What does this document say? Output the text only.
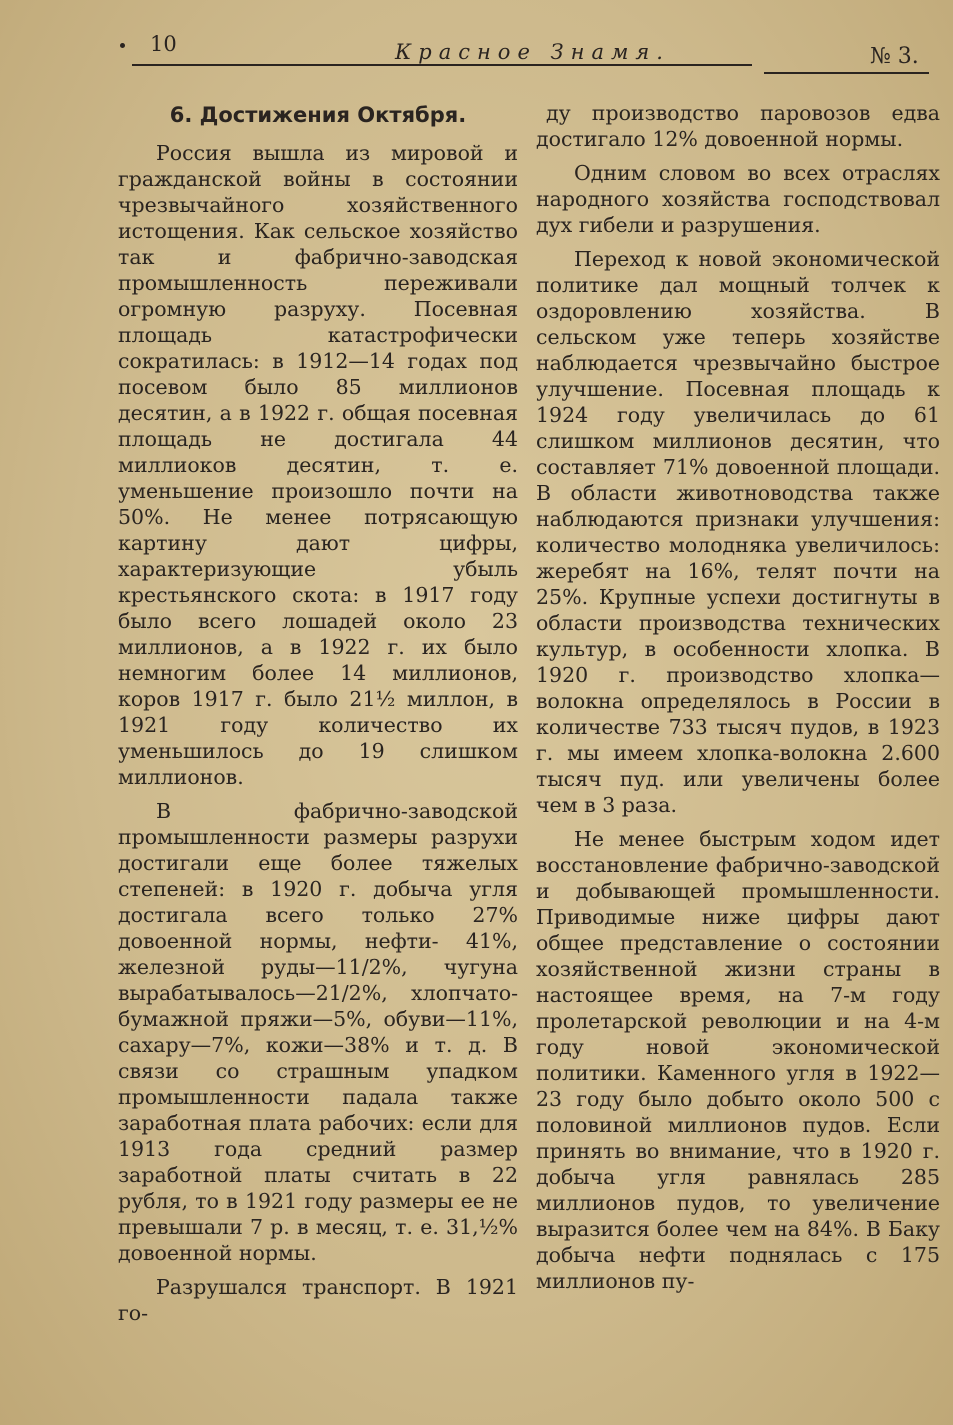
10	Красное Знамя.	№ 3.
6. Достижения Октября.

Россия вышла из мировой и гражданской войны в состоянии чрезвычайного хозяйственного истощения. Как сельское хозяйство так и фабрично-заводская промышленность переживали огромную разруху. Посевная площадь катастрофически сократилась: в 1912—14 годах под посевом было 85 миллионов десятин, а в 1922 г. общая посевная площадь не достигала 44 миллиоков десятин, т. е. уменьшение произошло почти на 50%. Не менее потрясающую картину дают цифры, характеризующие убыль крестьянского скота: в 1917 году было всего лошадей около 23 миллионов, а в 1922 г. их было немногим более 14 миллионов, коров 1917 г. было 21½ миллон, в 1921 году количество их уменьшилось до 19 слишком миллионов.

В фабрично-заводской промышленности размеры разрухи достигали еще более тяжелых степеней: в 1920 г. добыча угля достигала всего только 27% довоенной нормы, нефти- 41%, железной руды—11/2%, чугуна вырабатывалось—21/2%, хлопчато-бумажной пряжи—5%, обуви—11%, сахару—7%, кожи—38% и т. д. В связи со страшным упадком промышленности падала также заработная плата рабочих: если для 1913 года средний размер заработной платы считать в 22 рубля, то в 1921 году размеры ее не превышали 7 р. в месяц, т. е. 31,½% довоенной нормы.

Разрушался транспорт. В 1921 го-

ду производство паровозов едва достигало 12% довоенной нормы.

Одним словом во всех отраслях народного хозяйства господствовал дух гибели и разрушения.

Переход к новой экономической политике дал мощный толчек к оздоровлению хозяйства. В сельском уже теперь хозяйстве наблюдается чрезвычайно быстрое улучшение. Посевная площадь к 1924 году увеличилась до 61 слишком миллионов десятин, что составляет 71% довоенной площади. В области животноводства также наблюдаются признаки улучшения: количество молодняка увеличилось: жеребят на 16%, телят почти на 25%. Крупные успехи достигнуты в области производства технических культур, в особенности хлопка. В 1920 г. производство хлопка—волокна определялось в России в количестве 733 тысяч пудов, в 1923 г. мы имеем хлопка-волокна 2.600 тысяч пуд. или увеличены более чем в 3 раза.

Не менее быстрым ходом идет восстановление фабрично-заводской и добывающей промышленности. Приводимые ниже цифры дают общее представление о состоянии хозяйственной жизни страны в настоящее время, на 7-м году пролетарской революции и на 4-м году новой экономической политики. Каменного угля в 1922—23 году было добыто около 500 с половиной миллионов пудов. Если принять во внимание, что в 1920 г. добыча угля равнялась 285 миллионов пудов, то увеличение выразится более чем на 84%. В Баку добыча нефти поднялась с 175 миллионов пу-
